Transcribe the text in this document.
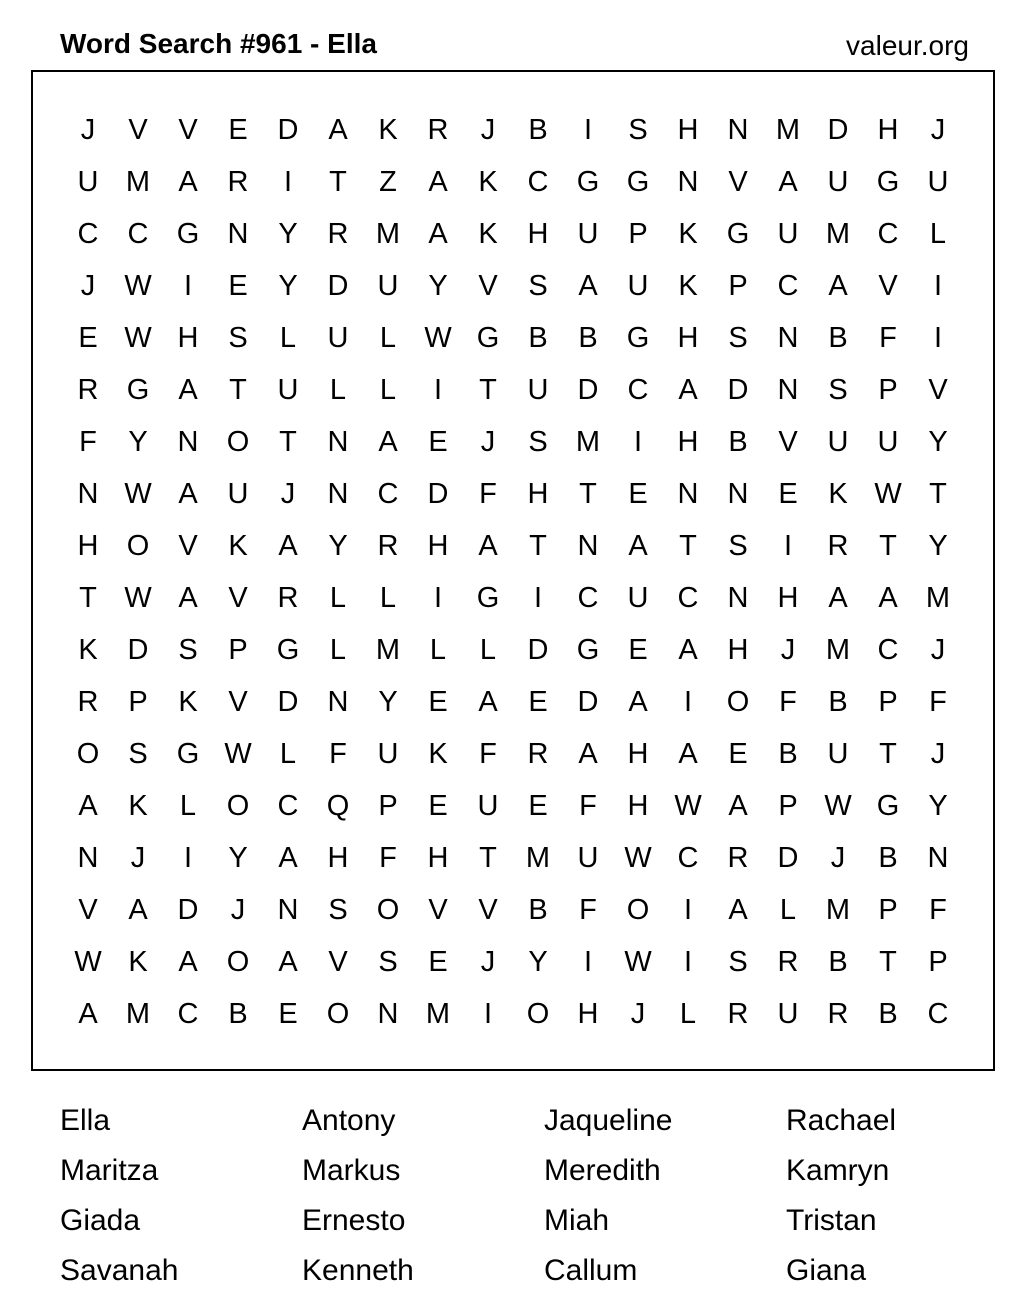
Word Search #961 - Ella	valeur.org
J	V	V	E	D	A	K	R	J	B	I	S	H	N M D	H	J
U M A	R	I	T	Z	A	K	C G G N	V	A	U G U
C	C G N	Y	R M A	K	H	U	P	K	G U M C	L
J	W	I	E	Y	D	U	Y	V	S	A	U	K	P	C	A	V	I
E W H	S	L	U	L W G	B	B	G H	S	N	B	F	I
R G	A	T	U	L	L	I	T	U	D	C	A	D	N	S	P	V
F	Y	N O	T	N	A	E	J	S M	I	H	B	V	U	U	Y
N W A	U	J	N	C	D	F	H	T	E	N	N	E	K W T
H O	V	K	A	Y	R	H	A	T	N	A	T	S	I	R	T	Y
T W A	V	R	L	L	I	G	I	C	U	C	N	H	A	A M
K	D	S	P	G	L	M	L	L	D G	E	A	H	J	M C	J
R	P	K	V	D	N	Y	E	A	E	D	A	I	O	F	B	P	F
O	S	G W L	F	U	K	F	R	A	H	A	E	B	U	T	J
A	K	L	O C Q	P	E	U	E	F	H W A	P W G	Y
N	J	I	Y	A	H	F	H	T	M U W C	R	D	J	B	N
V	A	D	J	N	S	O	V	V	B	F	O	I	A	L	M P	F
W K	A	O	A	V	S	E	J	Y	I	W	I	S	R	B	T	P
A M C	B	E	O N M	I	O H	J	L	R	U	R	B	C
Ella	Antony	Jaqueline	Rachael
Maritza	Markus	Meredith	Kamryn
Giada	Ernesto	Miah	Tristan
Savanah	Kenneth	Callum	Giana
